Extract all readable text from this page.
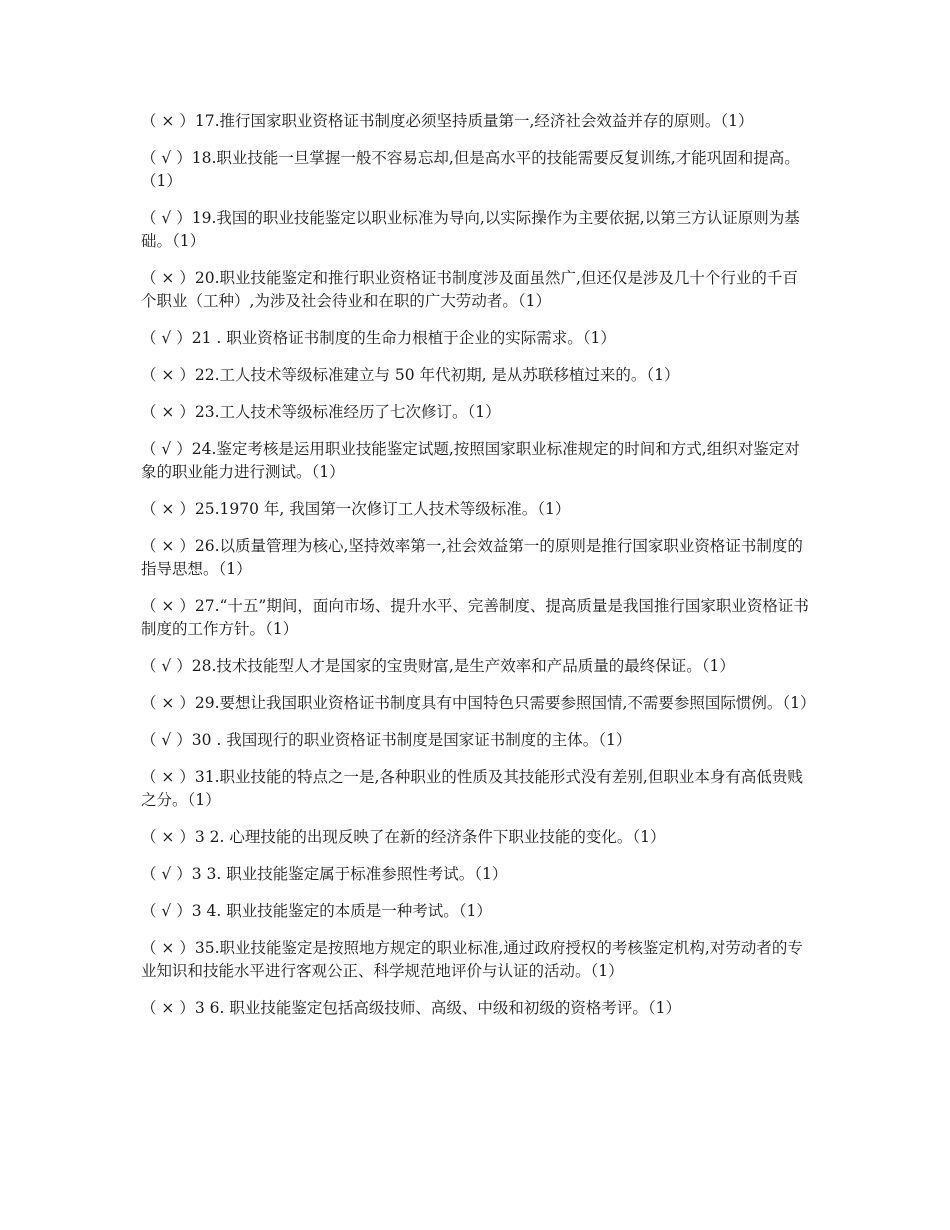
（ × ）17.推行国家职业资格证书制度必须坚持质量第一,经济社会效益并存的原则。（1）

（ √ ）18.职业技能一旦掌握一般不容易忘却,但是高水平的技能需要反复训练,才能巩固和提高。（1）

（ √ ）19.我国的职业技能鉴定以职业标准为导向,以实际操作为主要依据,以第三方认证原则为基础。（1）

（ × ）20.职业技能鉴定和推行职业资格证书制度涉及面虽然广,但还仅是涉及几十个行业的千百个职业（工种）,为涉及社会待业和在职的广大劳动者。（1）

（ √ ）21 . 职业资格证书制度的生命力根植于企业的实际需求。（1）

（ × ）22.工人技术等级标准建立与 50 年代初期, 是从苏联移植过来的。（1）

（ × ）23.工人技术等级标准经历了七次修订。（1）

（ √ ）24.鉴定考核是运用职业技能鉴定试题,按照国家职业标准规定的时间和方式,组织对鉴定对象的职业能力进行测试。（1）

（ × ）25.1970 年, 我国第一次修订工人技术等级标准。（1）

（ × ）26.以质量管理为核心,坚持效率第一,社会效益第一的原则是推行国家职业资格证书制度的指导思想。（1）

（ × ）27.“十五”期间，面向市场、提升水平、完善制度、提高质量是我国推行国家职业资格证书制度的工作方针。（1）

（ √ ）28.技术技能型人才是国家的宝贵财富,是生产效率和产品质量的最终保证。（1）

（ × ）29.要想让我国职业资格证书制度具有中国特色只需要参照国情,不需要参照国际惯例。（1）

（ √ ）30 . 我国现行的职业资格证书制度是国家证书制度的主体。（1）

（ × ）31.职业技能的特点之一是,各种职业的性质及其技能形式没有差别,但职业本身有高低贵贱之分。（1）

（ × ）3 2. 心理技能的出现反映了在新的经济条件下职业技能的变化。（1）

（ √ ）3 3. 职业技能鉴定属于标准参照性考试。（1）

（ √ ）3 4. 职业技能鉴定的本质是一种考试。（1）

（ × ）35.职业技能鉴定是按照地方规定的职业标准,通过政府授权的考核鉴定机构,对劳动者的专业知识和技能水平进行客观公正、科学规范地评价与认证的活动。（1）

（ × ）3 6. 职业技能鉴定包括高级技师、高级、中级和初级的资格考评。（1）
